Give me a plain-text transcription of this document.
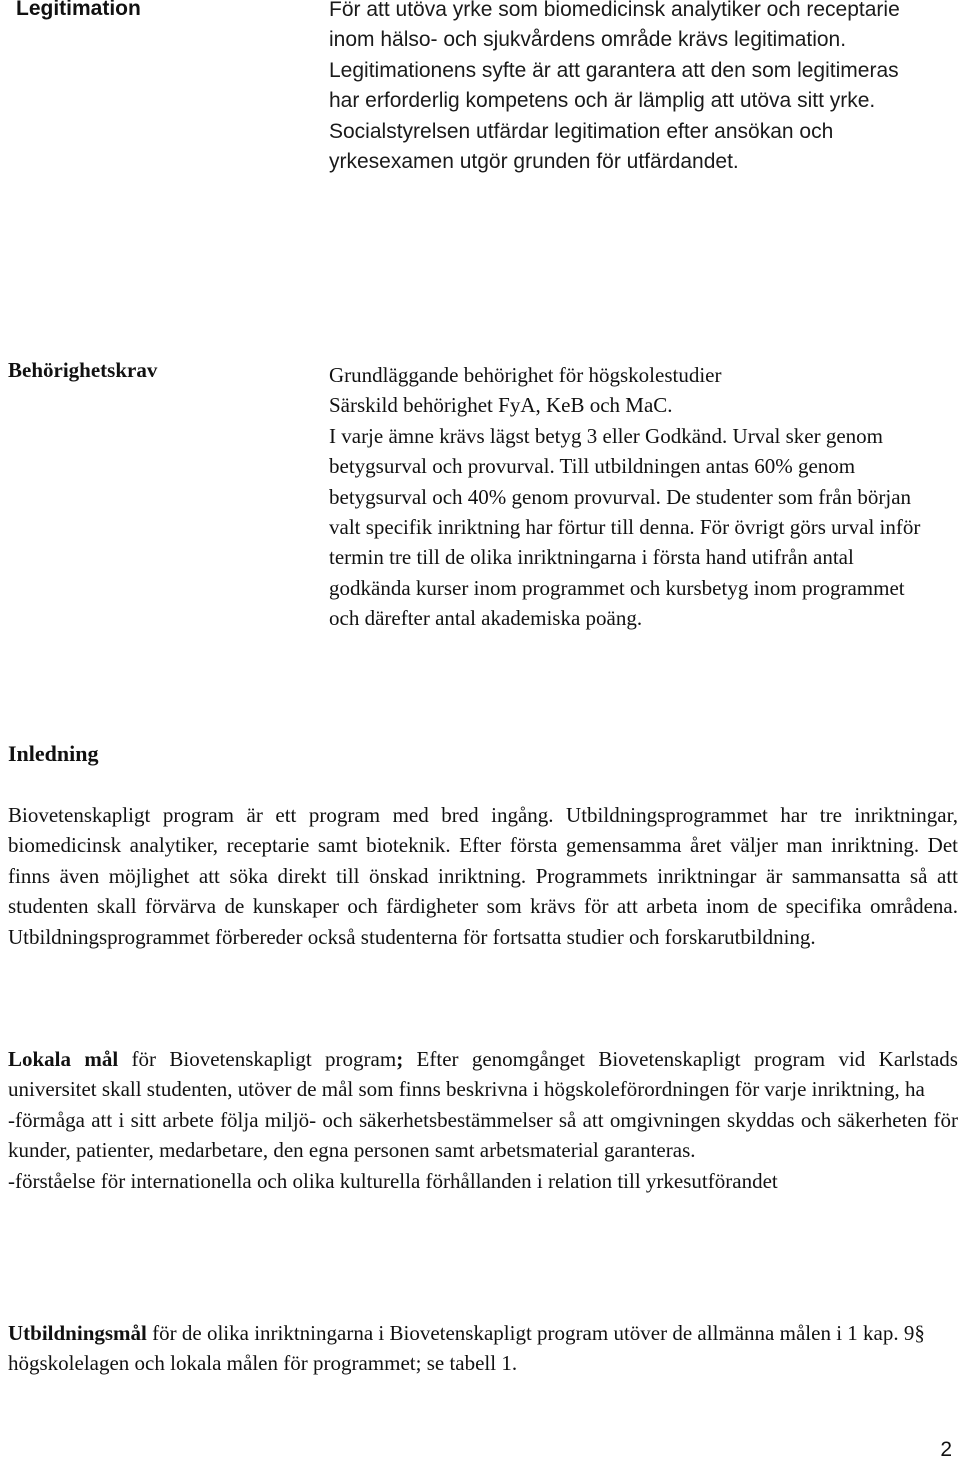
Legitimation	För att utöva yrke som biomedicinsk analytiker och receptarie inom hälso- och sjukvårdens område krävs legitimation. Legitimationens syfte är att garantera att den som legitimeras har erforderlig kompetens och är lämplig att utöva sitt yrke. Socialstyrelsen utfärdar legitimation efter ansökan och yrkesexamen utgör grunden för utfärdandet.
Behörighetskrav	Grundläggande behörighet för högskolestudier
Särskild behörighet FyA, KeB och MaC.
I varje ämne krävs lägst betyg 3 eller Godkänd. Urval sker genom betygsurval och provurval. Till utbildningen antas 60% genom betygsurval och 40% genom provurval. De studenter som från början valt specifik inriktning har förtur till denna. För övrigt görs urval inför termin tre till de olika inriktningarna i första hand utifrån antal godkända kurser inom programmet och kursbetyg inom programmet och därefter antal akademiska poäng.
Inledning

Biovetenskapligt program är ett program med bred ingång. Utbildningsprogrammet har tre inriktningar, biomedicinsk analytiker, receptarie samt bioteknik. Efter första gemensamma året väljer man inriktning. Det finns även möjlighet att söka direkt till önskad inriktning. Programmets inriktningar är sammansatta så att studenten skall förvärva de kunskaper och färdigheter som krävs för att arbeta inom de specifika områdena. Utbildningsprogrammet förbereder också studenterna för fortsatta studier och forskarutbildning.

Lokala mål för Biovetenskapligt program; Efter genomgånget Biovetenskapligt program vid Karlstads universitet skall studenten, utöver de mål som finns beskrivna i högskoleförordningen för varje inriktning, ha

-förmåga att i sitt arbete följa miljö- och säkerhetsbestämmelser så att omgivningen skyddas och säkerheten för kunder, patienter, medarbetare, den egna personen samt arbetsmaterial garanteras.

-förståelse för internationella och olika kulturella förhållanden i relation till yrkesutförandet

Utbildningsmål för de olika inriktningarna i Biovetenskapligt program utöver de allmänna målen i 1 kap. 9§ högskolelagen och lokala målen för programmet; se tabell 1.

2
